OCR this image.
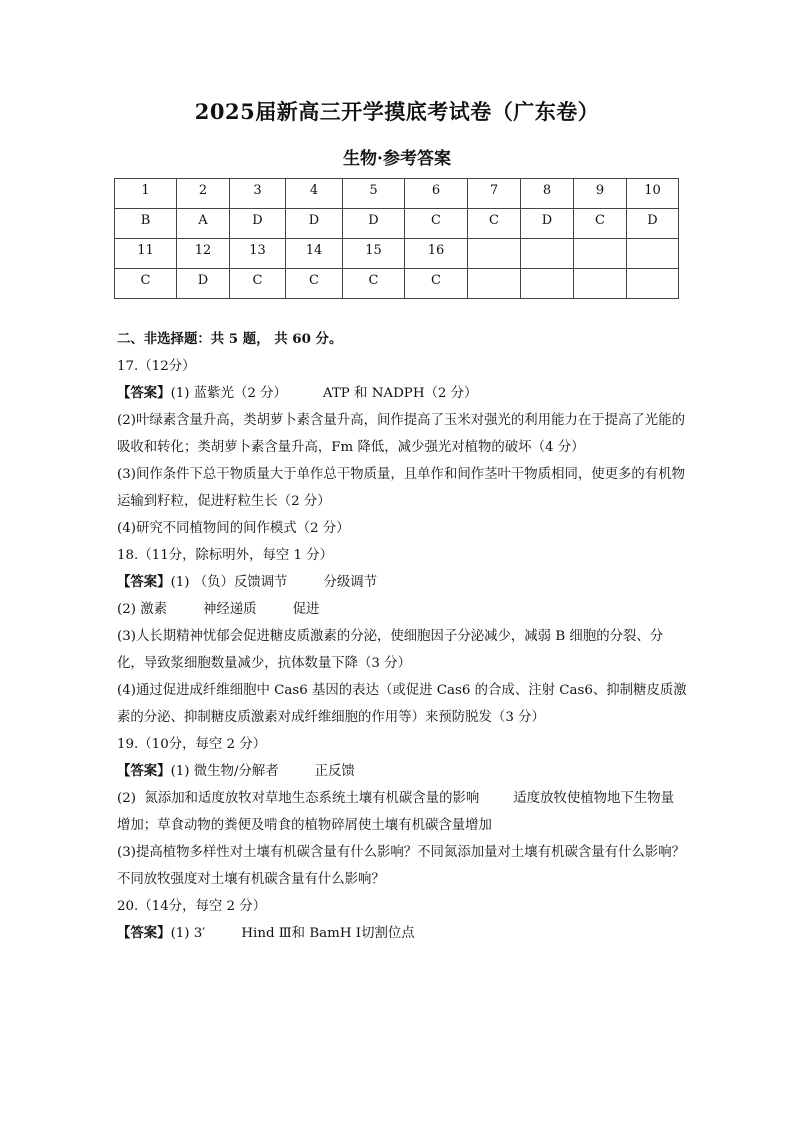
2025届新高三开学摸底考试卷（广东卷）
生物·参考答案
1	2	3	4	5	6	7	8	9	10
B	A	D	D	D	C	C	D	C	D
11	12	13	14	15	16				
C	D	C	C	C	C				
二、非选择题：共 5 题， 共 60 分。
17.（12分）
【答案】(1) 蓝紫光（2 分）	ATP 和 NADPH（2 分）
(2)叶绿素含量升高，类胡萝卜素含量升高，间作提高了玉米对强光的利用能力在于提高了光能的吸收和转化；类胡萝卜素含量升高，Fm 降低，减少强光对植物的破坏（4 分）
(3)间作条件下总干物质量大于单作总干物质量，且单作和间作茎叶干物质相同，使更多的有机物运输到籽粒，促进籽粒生长（2 分）
(4)研究不同植物间的间作模式（2 分）
18.（11分，除标明外，每空 1 分）
【答案】(1) （负）反馈调节	分级调节
(2) 激素	神经递质	促进
(3)人长期精神忧郁会促进糖皮质激素的分泌，使细胞因子分泌减少，减弱 B 细胞的分裂、分化，导致浆细胞数量减少，抗体数量下降（3 分）
(4)通过促进成纤维细胞中 Cas6 基因的表达（或促进 Cas6 的合成、注射 Cas6、抑制糖皮质激素的分泌、抑制糖皮质激素对成纤维细胞的作用等）来预防脱发（3 分）
19.（10分，每空 2 分）
【答案】(1) 微生物/分解者	正反馈
(2)  氮添加和适度放牧对草地生态系统土壤有机碳含量的影响        适度放牧使植物地下生物量增加；草食动物的粪便及啃食的植物碎屑使土壤有机碳含量增加
(3)提高植物多样性对土壤有机碳含量有什么影响？不同氮添加量对土壤有机碳含量有什么影响？不同放牧强度对土壤有机碳含量有什么影响？
20.（14分，每空 2 分）
【答案】(1) 3′	Hind Ⅲ和 BamH Ⅰ切割位点
